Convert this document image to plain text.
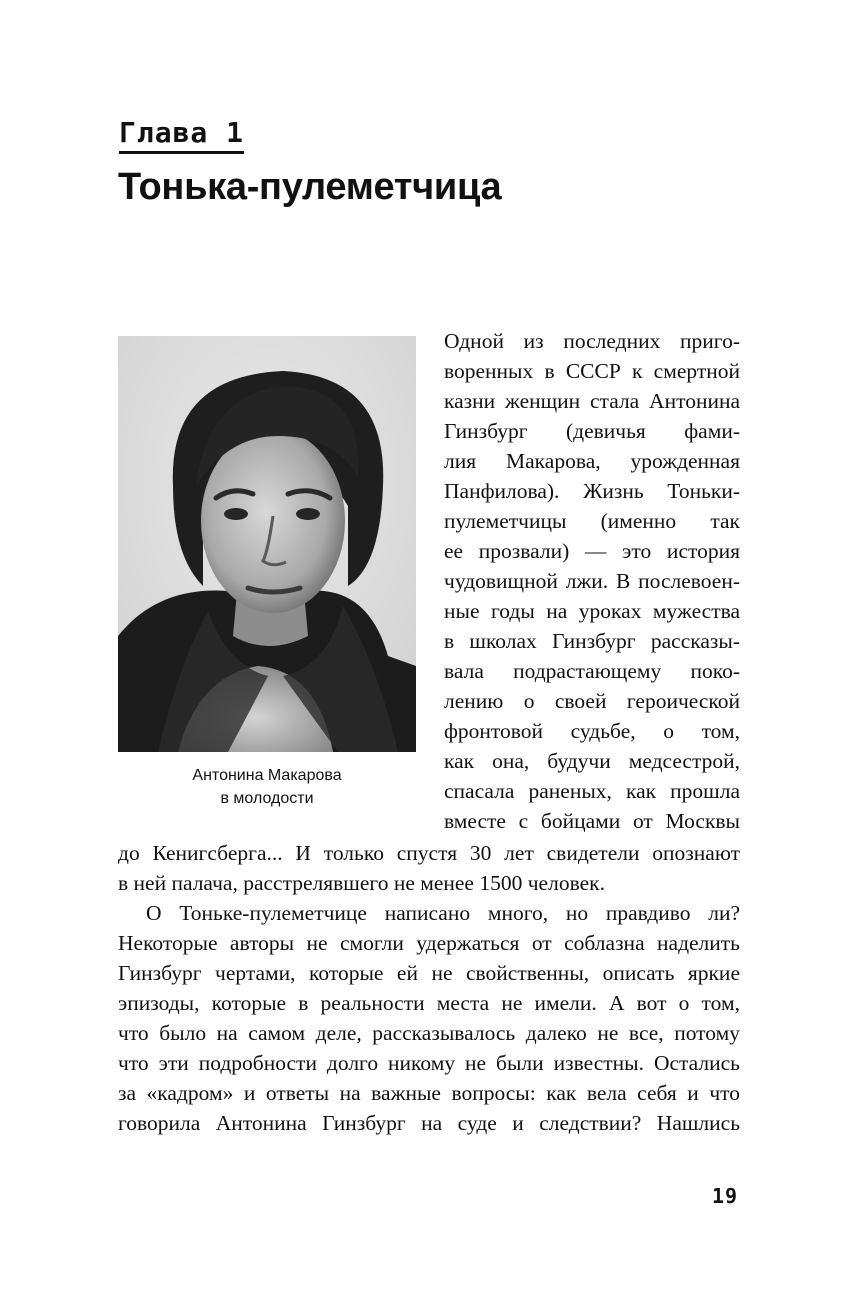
Глава 1
Тонька-пулеметчица
Антонина Макарова
в молодости
Одной из последних приго-
воренных в СССР к смертной
казни женщин стала Антонина
Гинзбург (девичья фами-
лия Макарова, урожденная
Панфилова). Жизнь Тоньки-
пулеметчицы (именно так
ее прозвали) — это история
чудовищной лжи. В послевоен-
ные годы на уроках мужества
в школах Гинзбург рассказы-
вала подрастающему поко-
лению о своей героической
фронтовой судьбе, о том,
как она, будучи медсестрой,
спасала раненых, как прошла
вместе с бойцами от Москвы
до Кенигсберга... И только спустя 30 лет свидетели опознают
в ней палача, расстрелявшего не менее 1500 человек.
О Тоньке-пулеметчице написано много, но правдиво ли?
Некоторые авторы не смогли удержаться от соблазна наделить
Гинзбург чертами, которые ей не свойственны, описать яркие
эпизоды, которые в реальности места не имели. А вот о том,
что было на самом деле, рассказывалось далеко не все, потому
что эти подробности долго никому не были известны. Остались
за «кадром» и ответы на важные вопросы: как вела себя и что
говорила Антонина Гинзбург на суде и следствии? Нашлись
19
